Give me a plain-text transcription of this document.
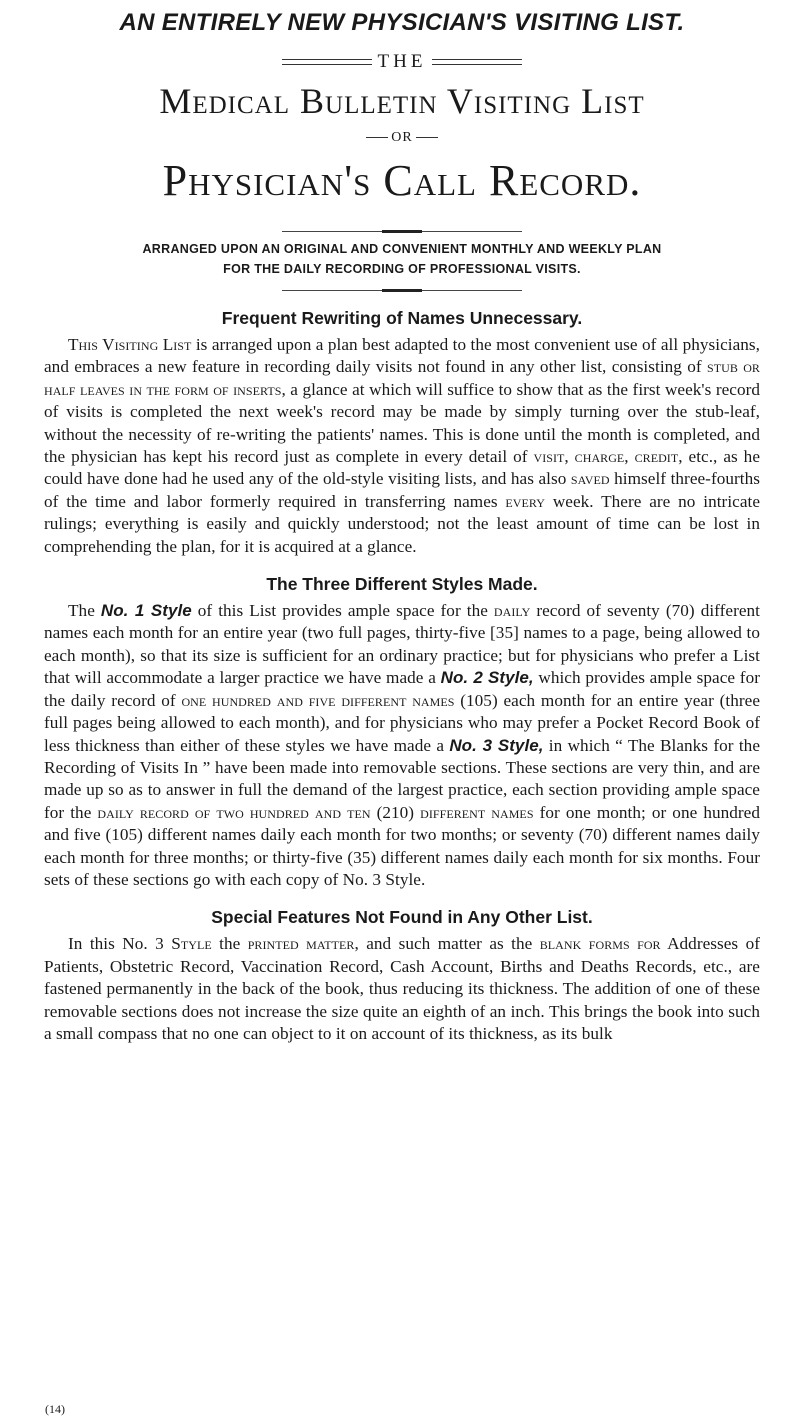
AN ENTIRELY NEW PHYSICIAN'S VISITING LIST.
THE
Medical Bulletin Visiting List
OR
Physician's Call Record.
ARRANGED UPON AN ORIGINAL AND CONVENIENT MONTHLY AND WEEKLY PLAN
FOR THE DAILY RECORDING OF PROFESSIONAL VISITS.
Frequent Rewriting of Names Unnecessary.

This Visiting List is arranged upon a plan best adapted to the most convenient use of all physicians, and embraces a new feature in recording daily visits not found in any other list, consisting of stub or half leaves in the form of inserts, a glance at which will suffice to show that as the first week's record of visits is completed the next week's record may be made by simply turning over the stub-leaf, without the necessity of re-writing the patients' names. This is done until the month is completed, and the physician has kept his record just as complete in every detail of visit, charge, credit, etc., as he could have done had he used any of the old-style visiting lists, and has also saved himself three-fourths of the time and labor formerly required in transferring names every week. There are no intricate rulings; everything is easily and quickly understood; not the least amount of time can be lost in comprehending the plan, for it is acquired at a glance.

The Three Different Styles Made.

The No. 1 Style of this List provides ample space for the daily record of seventy (70) different names each month for an entire year (two full pages, thirty-five [35] names to a page, being allowed to each month), so that its size is sufficient for an ordinary practice; but for physicians who prefer a List that will accommodate a larger practice we have made a No. 2 Style, which provides ample space for the daily record of one hundred and five different names (105) each month for an entire year (three full pages being allowed to each month), and for physicians who may prefer a Pocket Record Book of less thickness than either of these styles we have made a No. 3 Style, in which “ The Blanks for the Recording of Visits In ” have been made into removable sections. These sections are very thin, and are made up so as to answer in full the demand of the largest practice, each section providing ample space for the daily record of two hundred and ten (210) different names for one month; or one hundred and five (105) different names daily each month for two months; or seventy (70) different names daily each month for three months; or thirty-five (35) different names daily each month for six months. Four sets of these sections go with each copy of No. 3 Style.

Special Features Not Found in Any Other List.

In this No. 3 Style the printed matter, and such matter as the blank forms for Addresses of Patients, Obstetric Record, Vaccination Record, Cash Account, Births and Deaths Records, etc., are fastened permanently in the back of the book, thus reducing its thickness. The addition of one of these removable sections does not increase the size quite an eighth of an inch. This brings the book into such a small compass that no one can object to it on account of its thickness, as its bulk

(14)
